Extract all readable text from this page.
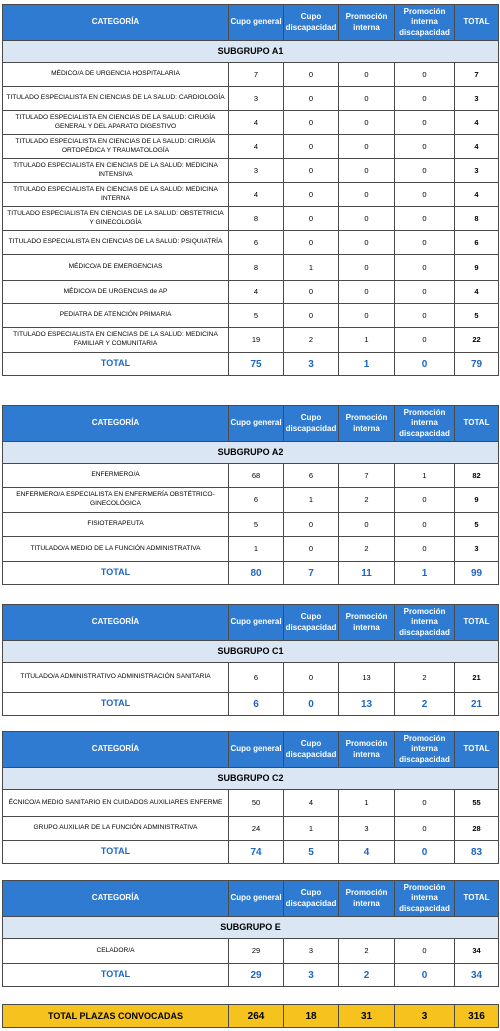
CATEGORÍA	Cupo general	Cupo discapacidad	Promoción interna	Promoción interna discapacidad	TOTAL
SUBGRUPO A1					
MÉDICO/A DE URGENCIA HOSPITALARIA	7	0	0	0	7
TITULADO ESPECIALISTA EN CIENCIAS DE LA SALUD: CARDIOLOGÍA	3	0	0	0	3
TITULADO ESPECIALISTA EN CIENCIAS DE LA SALUD: CIRUGÍA GENERAL Y DEL APARATO DIGESTIVO	4	0	0	0	4
TITULADO ESPECIALISTA EN CIENCIAS DE LA SALUD: CIRUGÍA ORTOPÉDICA Y TRAUMATOLOGÍA	4	0	0	0	4
TITULADO ESPECIALISTA EN CIENCIAS DE LA SALUD: MEDICINA INTENSIVA	3	0	0	0	3
TITULADO ESPECIALISTA EN CIENCIAS DE LA SALUD: MEDICINA INTERNA	4	0	0	0	4
TITULADO ESPECIALISTA EN CIENCIAS DE LA SALUD: OBSTETRICIA Y GINECOLOGÍA	8	0	0	0	8
TITULADO ESPECIALISTA EN CIENCIAS DE LA SALUD: PSIQUIATRÍA	6	0	0	0	6
MÉDICO/A DE EMERGENCIAS	8	1	0	0	9
MÉDICO/A DE URGENCIAS de AP	4	0	0	0	4
PEDIATRA DE ATENCIÓN PRIMARIA	5	0	0	0	5
TITULADO ESPECIALISTA EN CIENCIAS DE LA SALUD: MEDICINA FAMILIAR Y COMUNITARIA	19	2	1	0	22
TOTAL	75	3	1	0	79
CATEGORÍA	Cupo general	Cupo discapacidad	Promoción interna	Promoción interna discapacidad	TOTAL
SUBGRUPO A2					
ENFERMERO/A	68	6	7	1	82
ENFERMERO/A ESPECIALISTA EN ENFERMERÍA OBSTÉTRICO-GINECOLÓGICA	6	1	2	0	9
FISIOTERAPEUTA	5	0	0	0	5
TITULADO/A MEDIO DE LA FUNCIÓN ADMINISTRATIVA	1	0	2	0	3
TOTAL	80	7	11	1	99
CATEGORÍA	Cupo general	Cupo discapacidad	Promoción interna	Promoción interna discapacidad	TOTAL
SUBGRUPO C1					
TITULADO/A ADMINISTRATIVO ADMINISTRACIÓN SANITARIA	6	0	13	2	21
TOTAL	6	0	13	2	21
CATEGORÍA	Cupo general	Cupo discapacidad	Promoción interna	Promoción interna discapacidad	TOTAL
SUBGRUPO C2					
ÉCNICO/A MEDIO SANITARIO EN CUIDADOS AUXILIARES ENFERME	50	4	1	0	55
GRUPO AUXILIAR DE LA FUNCIÓN ADMINISTRATIVA	24	1	3	0	28
TOTAL	74	5	4	0	83
CATEGORÍA	Cupo general	Cupo discapacidad	Promoción interna	Promoción interna discapacidad	TOTAL
SUBGRUPO E					
CELADOR/A	29	3	2	0	34
TOTAL	29	3	2	0	34
TOTAL PLAZAS CONVOCADAS	264	18	31	3	316
